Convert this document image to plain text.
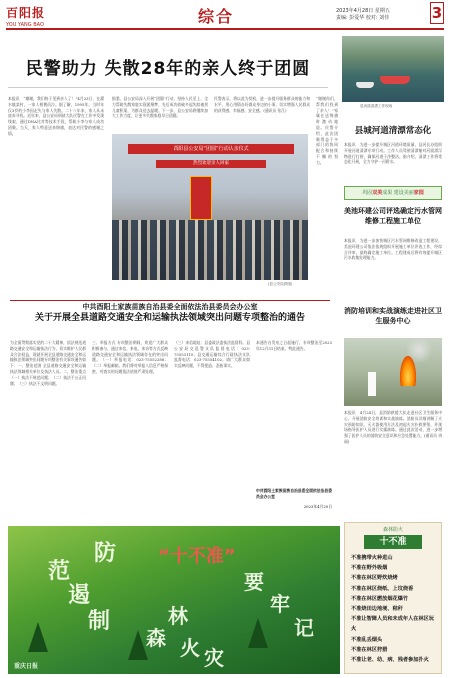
百阳报
YOU YANG BAO	综合	2023年4月28日 星期五
责编: 彭爱华 校对: 刘佳	3
民警助力 失散28年的亲人终于团圆
本报讯　“谢谢，我们终于见到亲人了！”4月23日，在濯水镇某村，一家人相拥而泣。据了解，1995年，当时年仅3岁的小李因走失与家人失散。二十八年来，家人从未放弃寻找。近年来，县公安局刑侦大队民警在工作中发现线索，通过DNA比对等技术手段，帮助小李与家人成功团聚。当天，家人特意送来锦旗，表达对民警的感谢之情。
据悉，县公安局深入开展“团圆”行动，坚持人民至上，全力帮助失散家庭实现团聚梦，先后成功侦破多起失踪被拐儿童积案，为群众送去温暖。下一步，县公安局将继续加大工作力度，让更多失散家庭早日团圆。
民警表示，将以此为契机，进一步提升服务群众的能力和水平，用心用情办好群众身边的小事，切实增强人民群众的获得感、幸福感、安全感。(通讯员 张江)
“谢谢你们，帮我们找到了亲人！”家属在送锦旗时激动地说。民警介绍，此次团聚得益于多部门的协同配合和持续不懈的努力。
酉阳县公安局“团圆”行动认亲仪式
热烈欢迎亲人回家
(县公安局供图)
县河道清漂工作现场
县城河道清漂常态化
本报讯　为进一步提升城区河道环境质量，县河长办组织开展河道清漂专项行动。工作人员驾驶清漂船对河面漂浮物进行打捞，确保河道干净整洁。据介绍，清漂工作将常态化开展，全力守护一河碧水。
巩固双美成果 建设美丽家园
美池环建公司评选确定污水管网维修工程施工单位
本报讯　为进一步加快城区污水管网维修改造工程建设，美池环建公司依法依规组织开展施工单位评选工作，经综合评审，最终确定施工单位。工程建成后将有效提升城区污水收集处理能力。
中共酉阳土家族苗族自治县委全面依法治县委员会办公室
关于开展全县道路交通安全和运输执法领域突出问题专项整治的通告
为全面贯彻落实党的二十大精神，依法规范道路交通安全和运输执法行为，切实维护人民群众合法权益，现就开展全县道路交通安全和运输执法领域突出问题专项整治有关事项通告如下：一、整治范围 全县道路交通安全和运输执法领域相关单位及执法人员。二、整治重点 （一）执法不规范问题；（二）执法不公正问题；（三）执法不文明问题。
三、举报方式 专项整治期间，欢迎广大群众积极参与，通过来信、来电、来访等方式反映道路交通安全和运输执法领域存在的突出问题。（一）举报电话：023-75552288；（二）举报邮箱。我们将对举报人信息严格保密，对查实的问题依法依规严肃处理。
（三）来信地址：县委政法委执法监督科。县公安局交巡警支队监督电话：023-75553110；县交通运输综合行政执法支队监督电话：023-75554102。请广大群众如实反映问题，不得捏造、歪曲事实。
本通告自发布之日起施行，专项整治至2023年12月31日结束。特此通告。
中共酉阳土家族苗族自治县委全面依法治县委员会办公室
2023年4月20日
消防培训和实战演练走进社区卫生服务中心
本报讯　4月24日，县消防救援大队走进社区卫生服务中心，开展消防安全培训和实战演练。消防员详细讲解了火灾预防知识、灭火器使用方法及初起火灾扑救要领，并现场指导医护人员进行实操演练。通过此次活动，进一步增强了医护人员的消防安全意识和应急处置能力。(通讯员 冉丽)
防
范
遏
制
森
林
火 灾
“十不准”
要
牢
记
重庆日报
森林防火
十不准
不准携带火种进山
不准在野外吸烟
不准在林区野炊烧烤
不准在林区烧纸、上坟烧香
不准在林区燃放烟花爆竹
不准烧田边地埂、秸秆
不准让智障人员和未成年人在林区玩火
不准乱丢烟头
不准在林区狩猎
不准让老、幼、病、残者参加扑火
